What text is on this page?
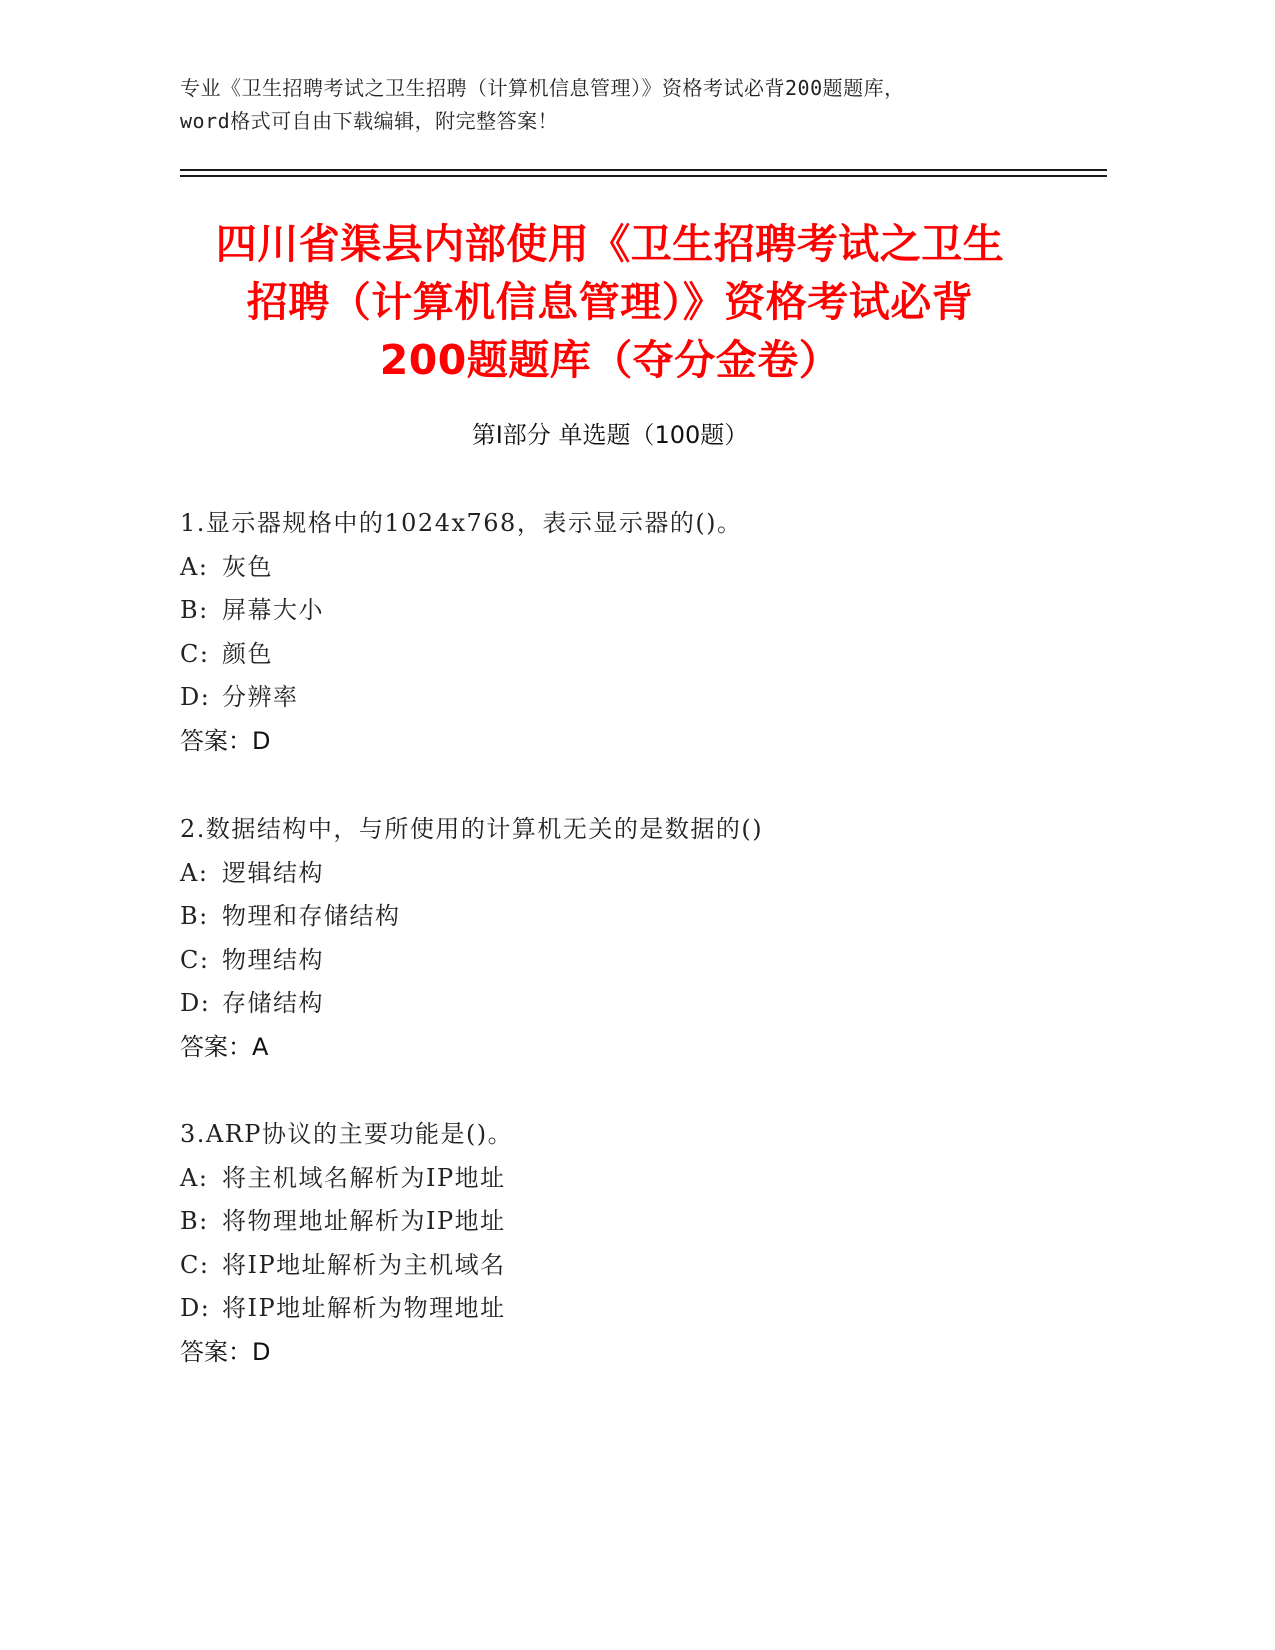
专业《卫生招聘考试之卫生招聘（计算机信息管理）》资格考试必背200题题库，
word格式可自由下载编辑，附完整答案！
四川省渠县内部使用《卫生招聘考试之卫生
招聘（计算机信息管理）》资格考试必背
200题题库（夺分金卷）
第Ⅰ部分 单选题（100题）
1.显示器规格中的1024x768，表示显示器的()。
A: 灰色
B: 屏幕大小
C: 颜色
D: 分辨率
答案：D
2.数据结构中，与所使用的计算机无关的是数据的()
A: 逻辑结构
B: 物理和存储结构
C: 物理结构
D: 存储结构
答案：A
3.ARP协议的主要功能是()。
A: 将主机域名解析为IP地址
B: 将物理地址解析为IP地址
C: 将IP地址解析为主机域名
D: 将IP地址解析为物理地址
答案：D
